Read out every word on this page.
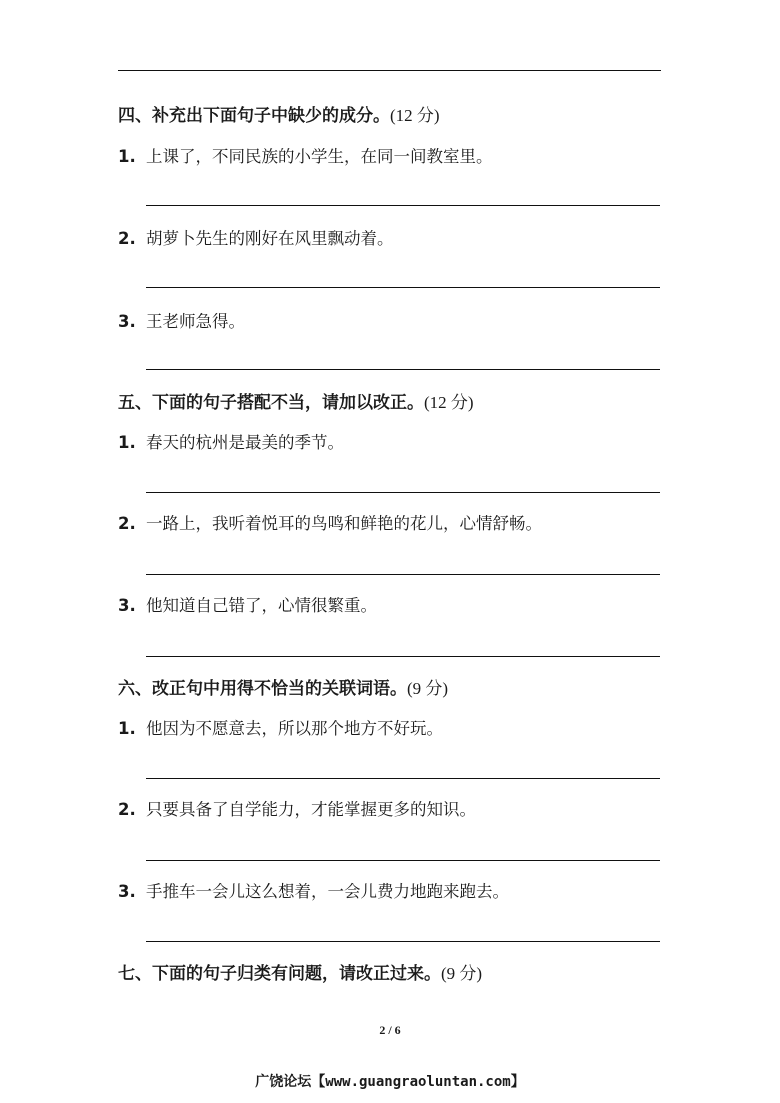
四、补充出下面句子中缺少的成分。(12 分)
1. 上课了，不同民族的小学生，在同一间教室里。
2. 胡萝卜先生的刚好在风里飘动着。
3. 王老师急得。
五、下面的句子搭配不当，请加以改正。(12 分)
1. 春天的杭州是最美的季节。
2. 一路上，我听着悦耳的鸟鸣和鲜艳的花儿，心情舒畅。
3. 他知道自己错了，心情很繁重。
六、改正句中用得不恰当的关联词语。(9 分)
1. 他因为不愿意去，所以那个地方不好玩。
2. 只要具备了自学能力，才能掌握更多的知识。
3. 手推车一会儿这么想着，一会儿费力地跑来跑去。
七、下面的句子归类有问题，请改正过来。(9 分)
2 / 6
广饶论坛【www.guangraoluntan.com】
